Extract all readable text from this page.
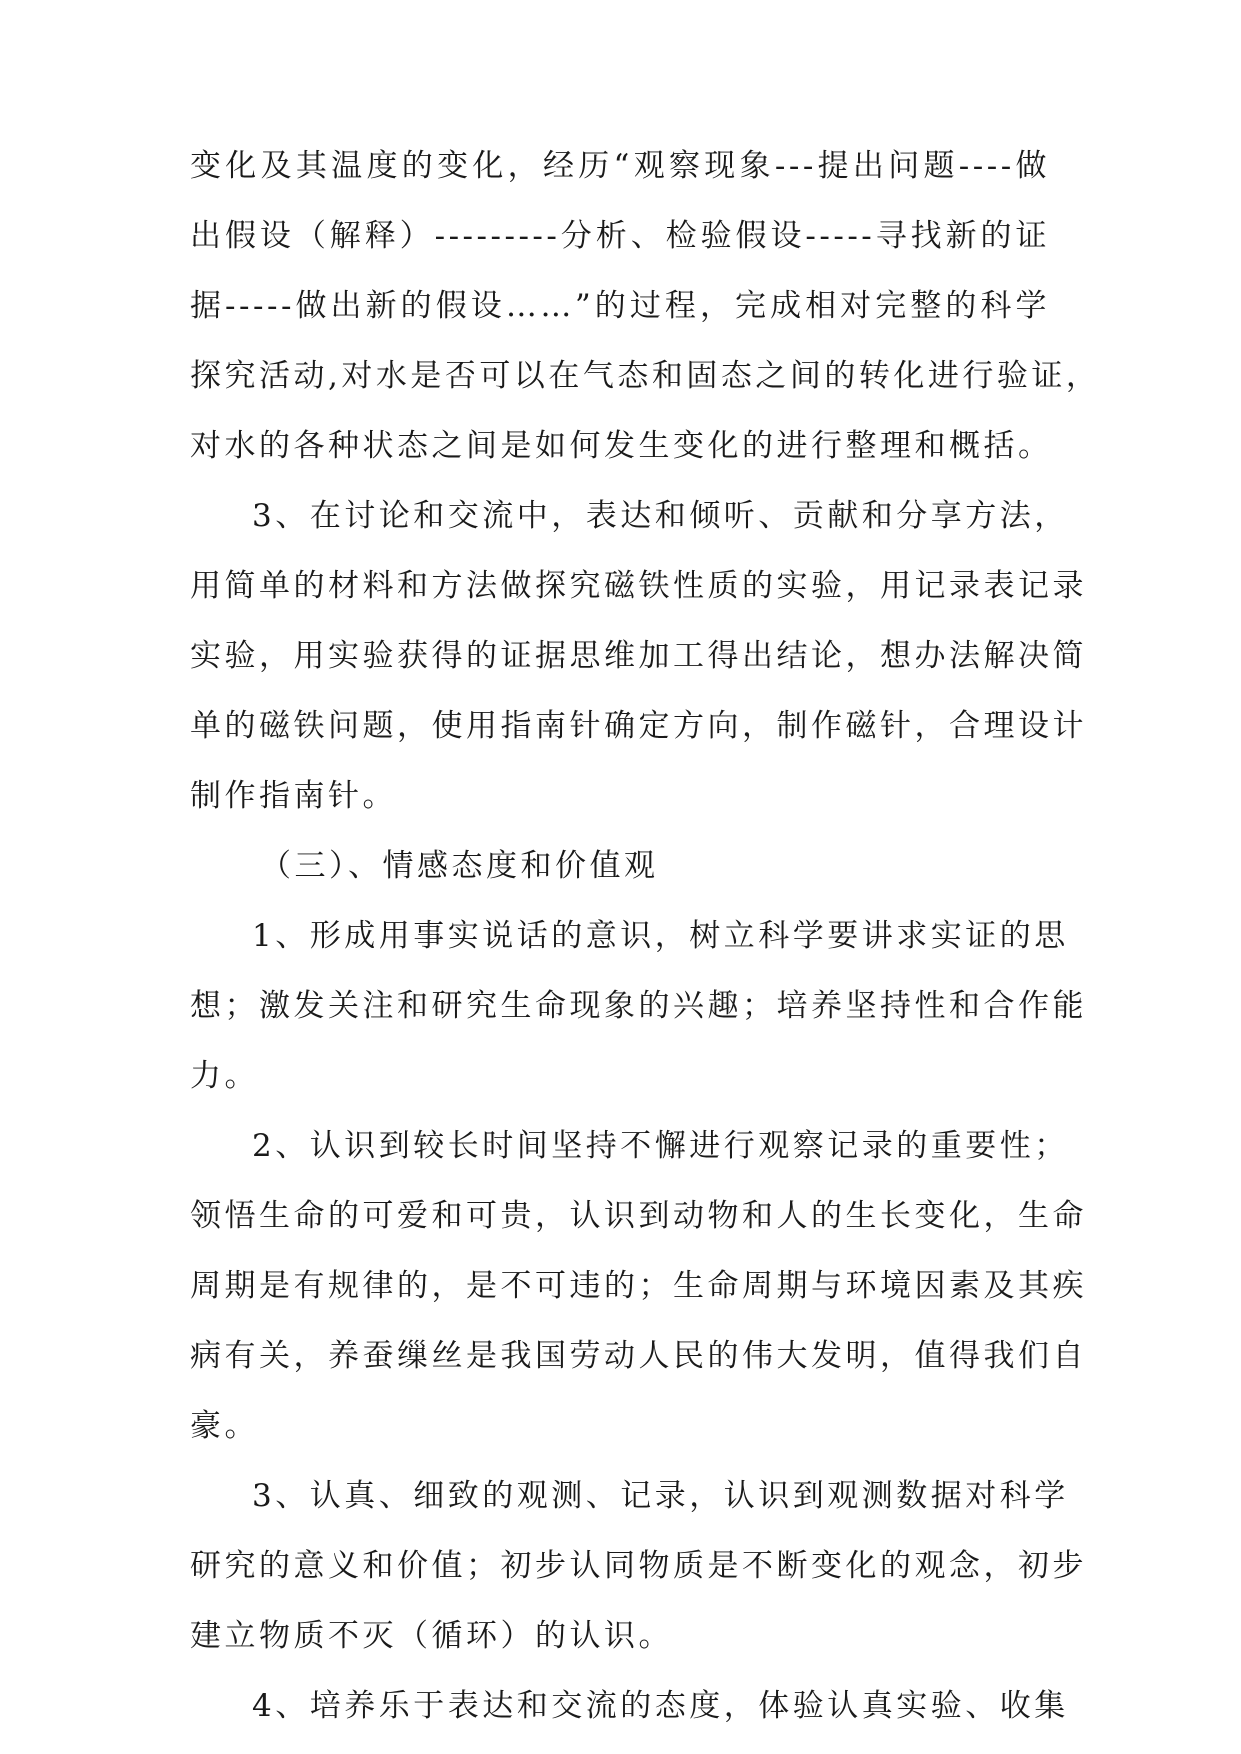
变化及其温度的变化，经历“观察现象---提出问题----做
出假设（解释）---------分析、检验假设-----寻找新的证
据-----做出新的假设……”的过程，完成相对完整的科学
探究活动,对水是否可以在气态和固态之间的转化进行验证，
对水的各种状态之间是如何发生变化的进行整理和概括。
3、在讨论和交流中，表达和倾听、贡献和分享方法，
用简单的材料和方法做探究磁铁性质的实验，用记录表记录
实验，用实验获得的证据思维加工得出结论，想办法解决简
单的磁铁问题，使用指南针确定方向，制作磁针，合理设计
制作指南针。
（三）、情感态度和价值观
1、形成用事实说话的意识，树立科学要讲求实证的思
想；激发关注和研究生命现象的兴趣；培养坚持性和合作能
力。
2、认识到较长时间坚持不懈进行观察记录的重要性；
领悟生命的可爱和可贵，认识到动物和人的生长变化，生命
周期是有规律的，是不可违的；生命周期与环境因素及其疾
病有关，养蚕缫丝是我国劳动人民的伟大发明，值得我们自
豪。
3、认真、细致的观测、记录，认识到观测数据对科学
研究的意义和价值；初步认同物质是不断变化的观念，初步
建立物质不灭（循环）的认识。
4、培养乐于表达和交流的态度，体验认真实验、收集
